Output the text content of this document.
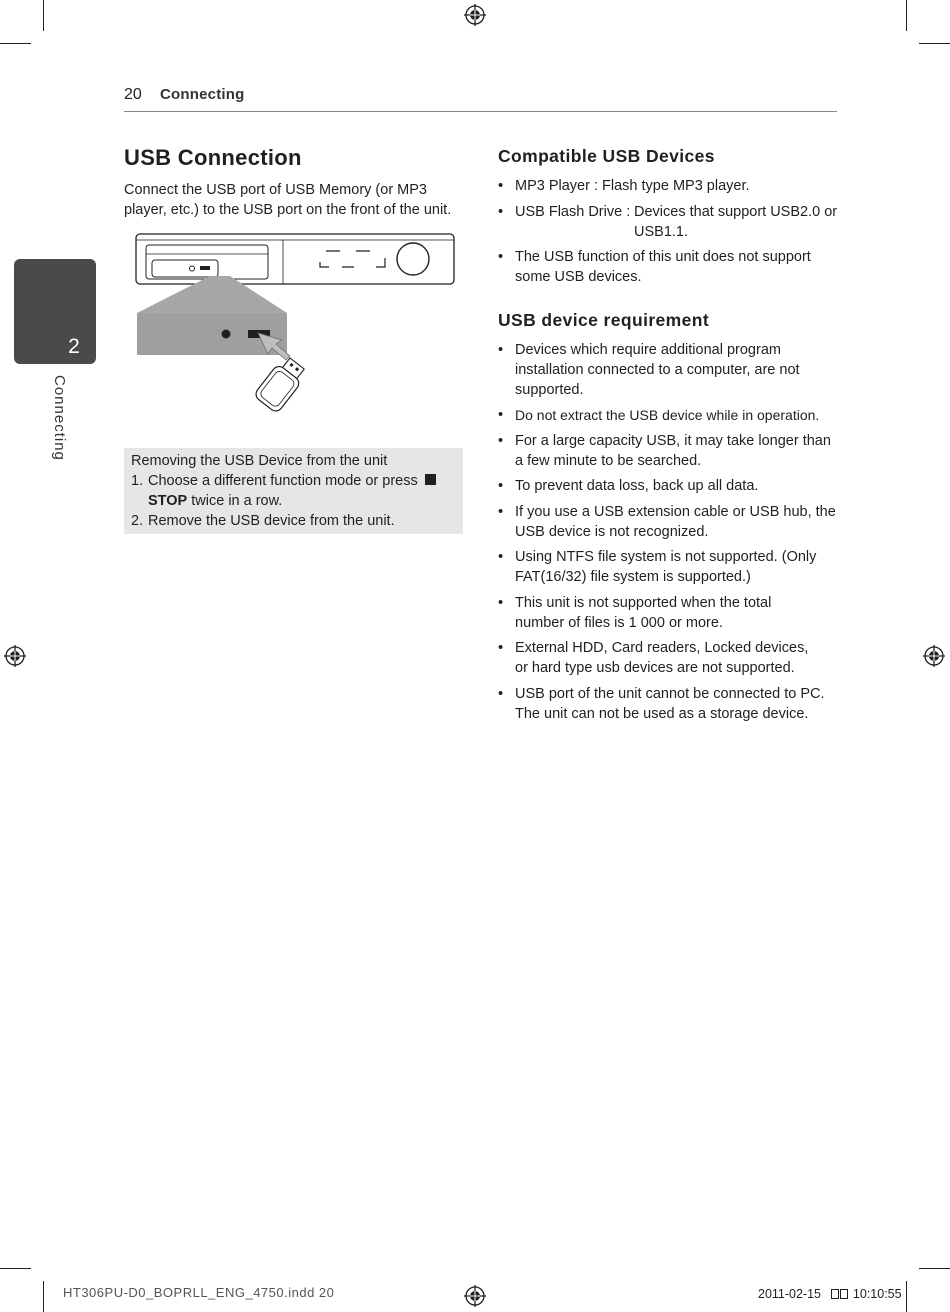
20 Connecting
2
Connecting
USB Connection
Connect the USB port of USB Memory (or MP3 player, etc.) to the USB port on the front of the unit.
Removing the USB Device from the unit
1. Choose a different function mode or press
STOP twice in a row.
2. Remove the USB device from the unit.
Compatible USB Devices
• MP3 Player : Flash type MP3 player.
• USB Flash Drive : Devices that support USB2.0 or USB1.1.
• The USB function of this unit does not support some USB devices.
USB device requirement
• Devices which require additional program installation connected to a computer, are not supported.
• Do not extract the USB device while in operation.
• For a large capacity USB, it may take longer than a few minute to be searched.
• To prevent data loss, back up all data.
• If you use a USB extension cable or USB hub, the USB device is not recognized.
• Using NTFS file system is not supported. (Only FAT(16/32) file system is supported.)
• This unit is not supported when the total number of files is 1 000 or more.
• External HDD, Card readers, Locked devices, or hard type usb devices are not supported.
• USB port of the unit cannot be connected to PC. The unit can not be used as a storage device.
HT306PU-D0_BOPRLL_ENG_4750.indd 20	2011-02-15	10:10:55
